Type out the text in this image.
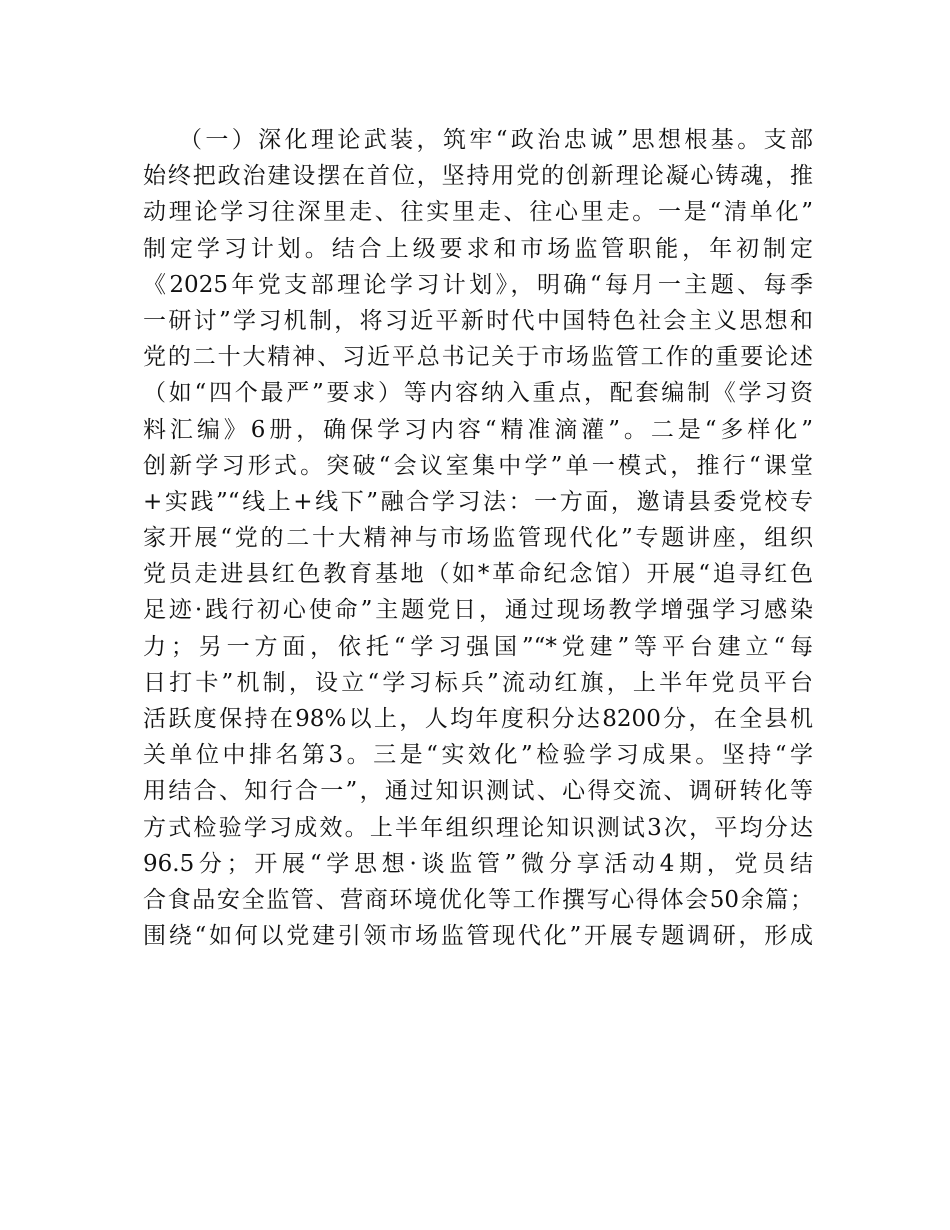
（一）深化理论武装，筑牢“政治忠诚”思想根基。支部
始终把政治建设摆在首位，坚持用党的创新理论凝心铸魂，推
动理论学习往深里走、往实里走、往心里走。一是“清单化”
制定学习计划。结合上级要求和市场监管职能，年初制定
《2025年党支部理论学习计划》，明确“每月一主题、每季
一研讨”学习机制，将习近平新时代中国特色社会主义思想和
党的二十大精神、习近平总书记关于市场监管工作的重要论述
（如“四个最严”要求）等内容纳入重点，配套编制《学习资
料汇编》6册，确保学习内容“精准滴灌”。二是“多样化”
创新学习形式。突破“会议室集中学”单一模式，推行“课堂
+实践”“线上+线下”融合学习法：一方面，邀请县委党校专
家开展“党的二十大精神与市场监管现代化”专题讲座，组织
党员走进县红色教育基地（如*革命纪念馆）开展“追寻红色
足迹·践行初心使命”主题党日，通过现场教学增强学习感染
力；另一方面，依托“学习强国”“*党建”等平台建立“每
日打卡”机制，设立“学习标兵”流动红旗，上半年党员平台
活跃度保持在98%以上，人均年度积分达8200分，在全县机
关单位中排名第3。三是“实效化”检验学习成果。坚持“学
用结合、知行合一”，通过知识测试、心得交流、调研转化等
方式检验学习成效。上半年组织理论知识测试3次，平均分达
96.5分；开展“学思想·谈监管”微分享活动4期，党员结
合食品安全监管、营商环境优化等工作撰写心得体会50余篇；
围绕“如何以党建引领市场监管现代化”开展专题调研，形成
